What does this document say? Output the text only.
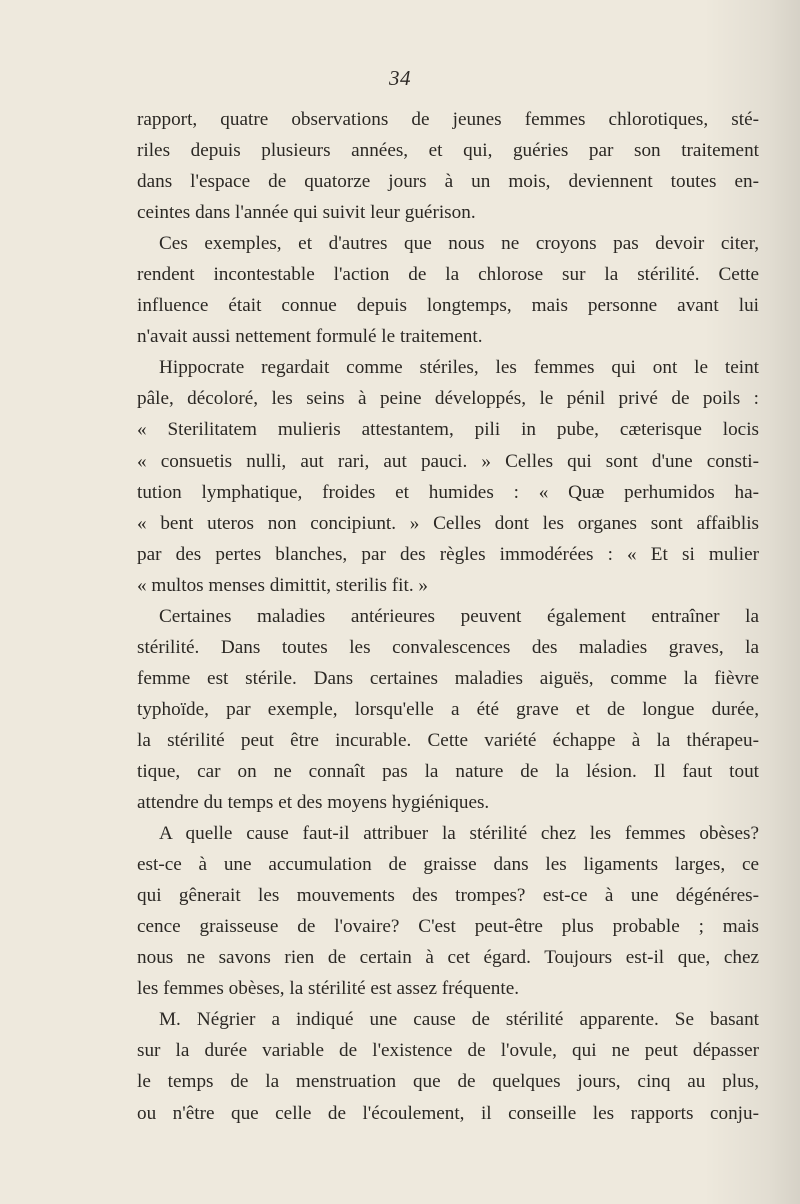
34
rapport, quatre observations de jeunes femmes chlorotiques, sté-
riles depuis plusieurs années, et qui, guéries par son traitement
dans l'espace de quatorze jours à un mois, deviennent toutes en-
ceintes dans l'année qui suivit leur guérison.
Ces exemples, et d'autres que nous ne croyons pas devoir citer,
rendent incontestable l'action de la chlorose sur la stérilité. Cette
influence était connue depuis longtemps, mais personne avant lui
n'avait aussi nettement formulé le traitement.
Hippocrate regardait comme stériles, les femmes qui ont le teint
pâle, décoloré, les seins à peine développés, le pénil privé de poils :
« Sterilitatem mulieris attestantem, pili in pube, cæterisque locis
« consuetis nulli, aut rari, aut pauci. » Celles qui sont d'une consti-
tution lymphatique, froides et humides : « Quæ perhumidos ha-
« bent uteros non concipiunt. » Celles dont les organes sont affaiblis
par des pertes blanches, par des règles immodérées : « Et si mulier
« multos menses dimittit, sterilis fit. »
Certaines maladies antérieures peuvent également entraîner la
stérilité. Dans toutes les convalescences des maladies graves, la
femme est stérile. Dans certaines maladies aiguës, comme la fièvre
typhoïde, par exemple, lorsqu'elle a été grave et de longue durée,
la stérilité peut être incurable. Cette variété échappe à la thérapeu-
tique, car on ne connaît pas la nature de la lésion. Il faut tout
attendre du temps et des moyens hygiéniques.
A quelle cause faut-il attribuer la stérilité chez les femmes obèses?
est-ce à une accumulation de graisse dans les ligaments larges, ce
qui gênerait les mouvements des trompes? est-ce à une dégénéres-
cence graisseuse de l'ovaire? C'est peut-être plus probable ; mais
nous ne savons rien de certain à cet égard. Toujours est-il que, chez
les femmes obèses, la stérilité est assez fréquente.
M. Négrier a indiqué une cause de stérilité apparente. Se basant
sur la durée variable de l'existence de l'ovule, qui ne peut dépasser
le temps de la menstruation que de quelques jours, cinq au plus,
ou n'être que celle de l'écoulement, il conseille les rapports conju-
